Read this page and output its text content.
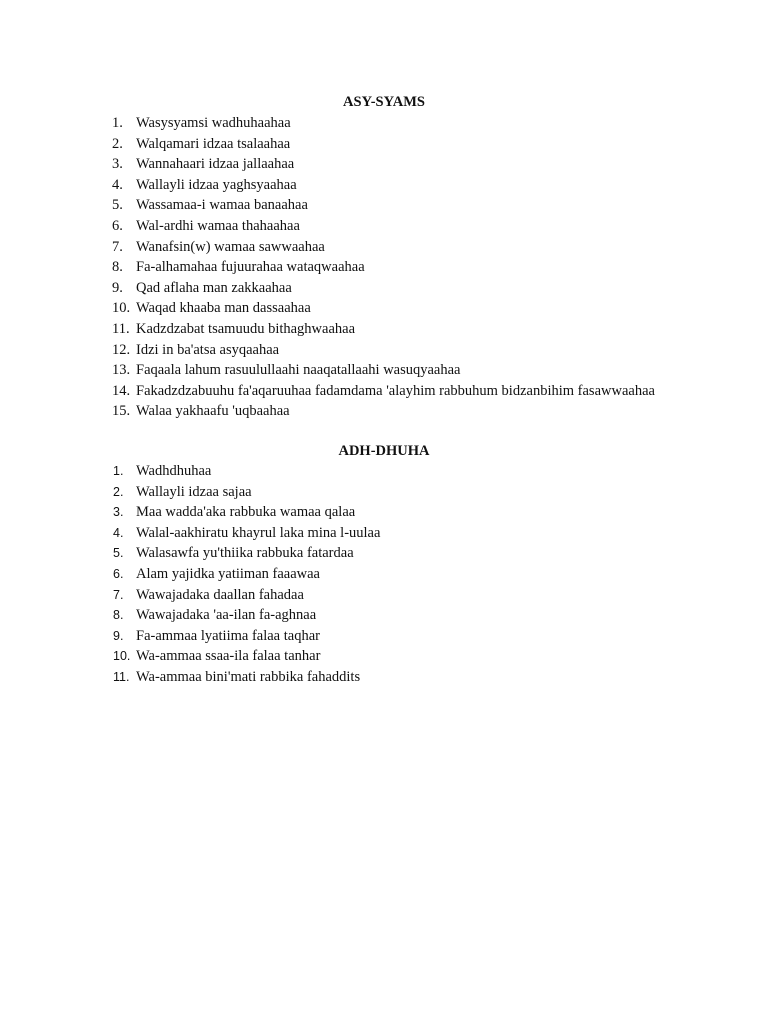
ASY-SYAMS
1. Wasysyamsi wadhuhaahaa
2. Walqamari idzaa tsalaahaa
3. Wannahaari idzaa jallaahaa
4. Wallayli idzaa yaghsyaahaa
5. Wassamaa-i wamaa banaahaa
6. Wal-ardhi wamaa thahaahaa
7. Wanafsin(w) wamaa sawwaahaa
8. Fa-alhamahaa fujuurahaa wataqwaahaa
9. Qad aflaha man zakkaahaa
10. Waqad khaaba man dassaahaa
11. Kadzdzabat tsamuudu bithaghwaahaa
12. Idzi in ba'atsa asyqaahaa
13. Faqaala lahum rasuulullaahi naaqatallaahi wasuqyaahaa
14. Fakadzdzabuuhu fa'aqaruuhaa fadamdama 'alayhim rabbuhum bidzanbihim fasawwaahaa
15. Walaa yakhaafu 'uqbaahaa
ADH-DHUHA
1. Wadhdhuhaa
2. Wallayli idzaa sajaa
3. Maa wadda'aka rabbuka wamaa qalaa
4. Walal-aakhiratu khayrul laka mina l-uulaa
5. Walasawfa yu'thiika rabbuka fatardaa
6. Alam yajidka yatiiman faaawaa
7. Wawajadaka daallan fahadaa
8. Wawajadaka 'aa-ilan fa-aghnaa
9. Fa-ammaa lyatiima falaa taqhar
10. Wa-ammaa ssaa-ila falaa tanhar
11. Wa-ammaa bini'mati rabbika fahaddits
